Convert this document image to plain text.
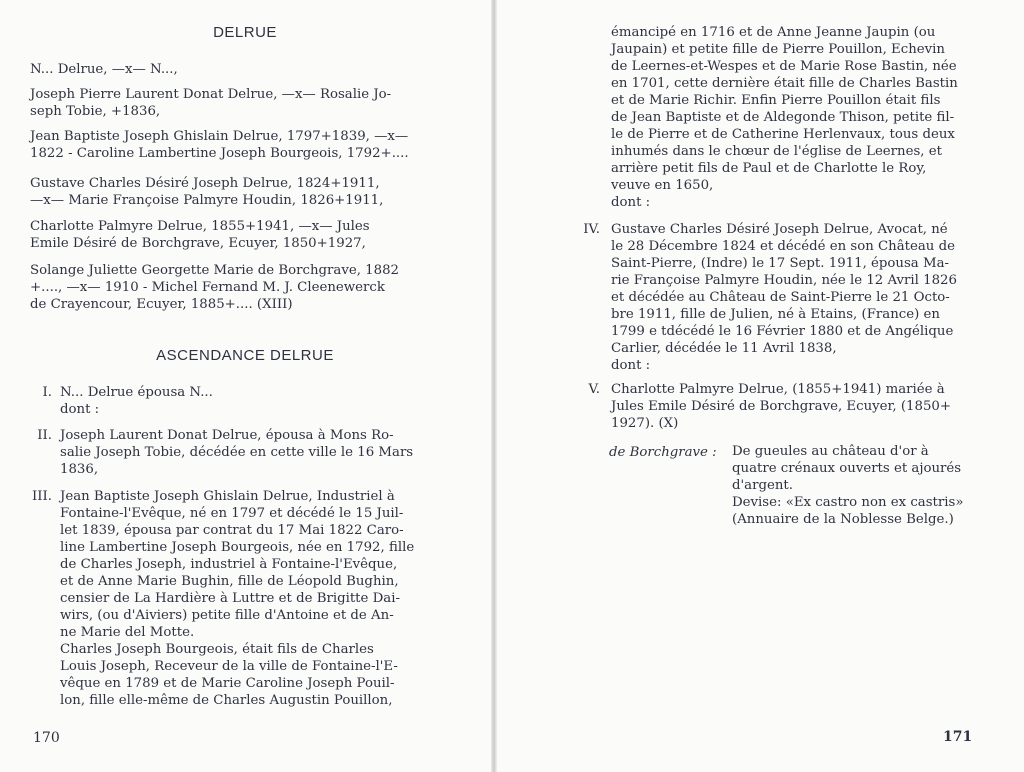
DELRUE
N... Delrue, —x— N...,
Joseph Pierre Laurent Donat Delrue, —x— Rosalie Jo-
seph Tobie, +1836,
Jean Baptiste Joseph Ghislain Delrue, 1797+1839, —x—
1822 - Caroline Lambertine Joseph Bourgeois, 1792+....
Gustave Charles Désiré Joseph Delrue, 1824+1911,
—x— Marie Françoise Palmyre Houdin, 1826+1911,
Charlotte Palmyre Delrue, 1855+1941, —x— Jules
Emile Désiré de Borchgrave, Ecuyer, 1850+1927,
Solange Juliette Georgette Marie de Borchgrave, 1882
+...., —x— 1910 - Michel Fernand M. J. Cleenewerck
de Crayencour, Ecuyer, 1885+.... (XIII)
ASCENDANCE DELRUE
I. N... Delrue épousa N...
dont :
II. Joseph Laurent Donat Delrue, épousa à Mons Ro-
salie Joseph Tobie, décédée en cette ville le 16 Mars
1836,
III. Jean Baptiste Joseph Ghislain Delrue, Industriel à
Fontaine-l'Evêque, né en 1797 et décédé le 15 Juil-
let 1839, épousa par contrat du 17 Mai 1822 Caro-
line Lambertine Joseph Bourgeois, née en 1792, fille
de Charles Joseph, industriel à Fontaine-l'Evêque,
et de Anne Marie Bughin, fille de Léopold Bughin,
censier de La Hardière à Luttre et de Brigitte Dai-
wirs, (ou d'Aiviers) petite fille d'Antoine et de An-
ne Marie del Motte.
Charles Joseph Bourgeois, était fils de Charles
Louis Joseph, Receveur de la ville de Fontaine-l'E-
vêque en 1789 et de Marie Caroline Joseph Pouil-
lon, fille elle-même de Charles Augustin Pouillon,
170
émancipé en 1716 et de Anne Jeanne Jaupin (ou
Jaupain) et petite fille de Pierre Pouillon, Echevin
de Leernes-et-Wespes et de Marie Rose Bastin, née
en 1701, cette dernière était fille de Charles Bastin
et de Marie Richir. Enfin Pierre Pouillon était fils
de Jean Baptiste et de Aldegonde Thison, petite fil-
le de Pierre et de Catherine Herlenvaux, tous deux
inhumés dans le chœur de l'église de Leernes, et
arrière petit fils de Paul et de Charlotte le Roy,
veuve en 1650,
dont :
IV. Gustave Charles Désiré Joseph Delrue, Avocat, né
le 28 Décembre 1824 et décédé en son Château de
Saint-Pierre, (Indre) le 17 Sept. 1911, épousa Ma-
rie Françoise Palmyre Houdin, née le 12 Avril 1826
et décédée au Château de Saint-Pierre le 21 Octo-
bre 1911, fille de Julien, né à Etains, (France) en
1799 e tdécédé le 16 Février 1880 et de Angélique
Carlier, décédée le 11 Avril 1838,
dont :
V. Charlotte Palmyre Delrue, (1855+1941) mariée à
Jules Emile Désiré de Borchgrave, Ecuyer, (1850+
1927). (X)
de Borchgrave : De gueules au château d'or à
quatre crénaux ouverts et ajourés
d'argent.
Devise: «Ex castro non ex castris»
(Annuaire de la Noblesse Belge.)
171
